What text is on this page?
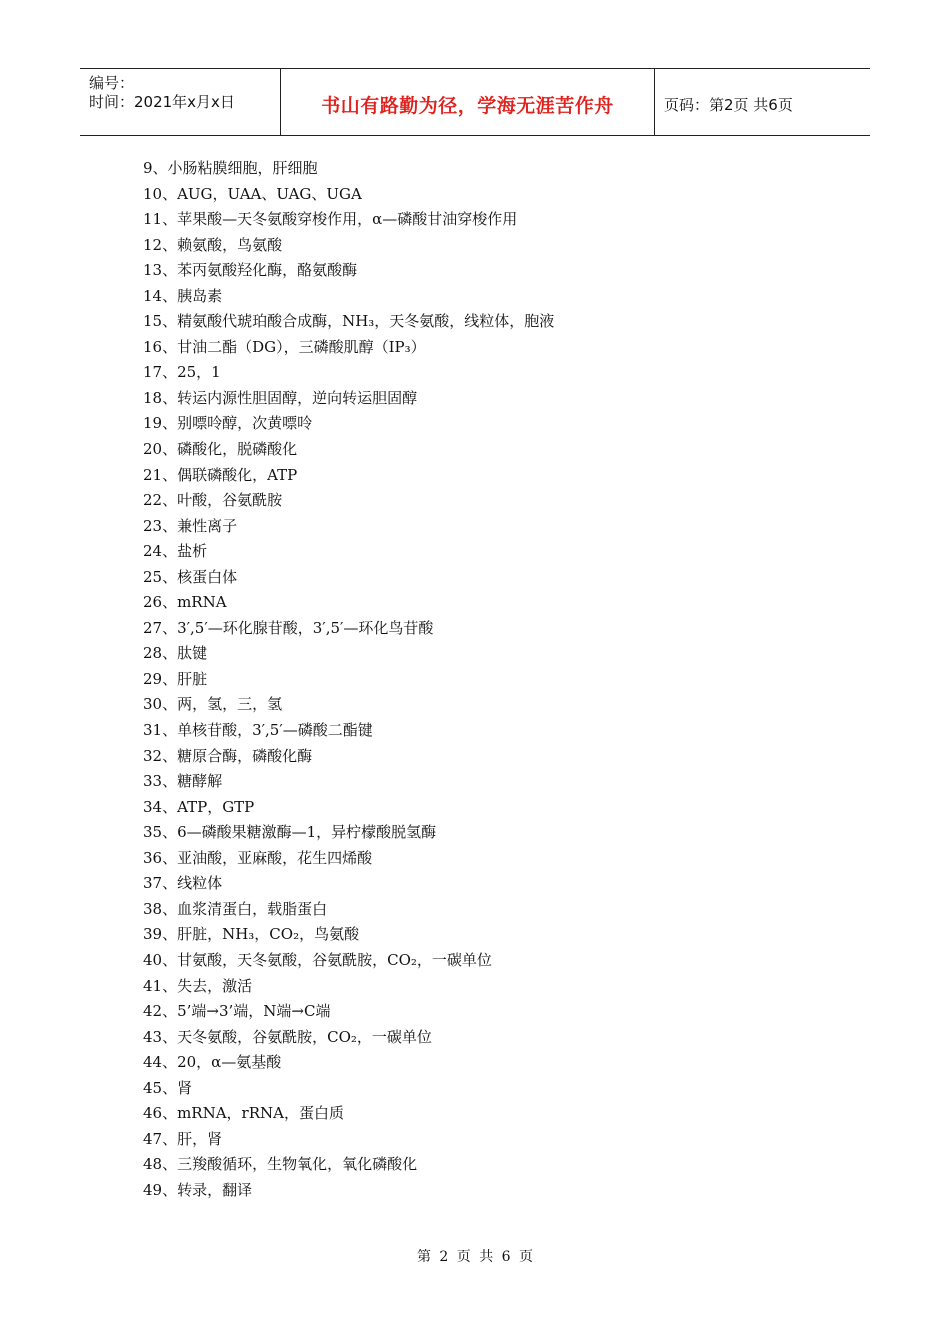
编号：
时间：2021年x月x日	书山有路勤为径，学海无涯苦作舟	页码：第2页 共6页
9、小肠粘膜细胞，肝细胞
10、AUG，UAA、UAG、UGA
11、苹果酸—天冬氨酸穿梭作用，α—磷酸甘油穿梭作用
12、赖氨酸，鸟氨酸
13、苯丙氨酸羟化酶，酪氨酸酶
14、胰岛素
15、精氨酸代琥珀酸合成酶，NH₃，天冬氨酸，线粒体，胞液
16、甘油二酯（DG），三磷酸肌醇（IP₃）
17、25，1
18、转运内源性胆固醇，逆向转运胆固醇
19、别嘌呤醇，次黄嘌呤
20、磷酸化，脱磷酸化
21、偶联磷酸化，ATP
22、叶酸，谷氨酰胺
23、兼性离子
24、盐析
25、核蛋白体
26、mRNA
27、3′,5′—环化腺苷酸，3′,5′—环化鸟苷酸
28、肽键
29、肝脏
30、两，氢，三，氢
31、单核苷酸，3′,5′—磷酸二酯键
32、糖原合酶，磷酸化酶
33、糖酵解
34、ATP，GTP
35、6—磷酸果糖激酶—1，异柠檬酸脱氢酶
36、亚油酸，亚麻酸，花生四烯酸
37、线粒体
38、血浆清蛋白，载脂蛋白
39、肝脏，NH₃，CO₂，鸟氨酸
40、甘氨酸，天冬氨酸，谷氨酰胺，CO₂，一碳单位
41、失去，激活
42、5’端→3’端，N端→C端
43、天冬氨酸，谷氨酰胺，CO₂，一碳单位
44、20，α—氨基酸
45、肾
46、mRNA，rRNA，蛋白质
47、肝，肾
48、三羧酸循环，生物氧化，氧化磷酸化
49、转录，翻译
第 2 页 共 6 页
